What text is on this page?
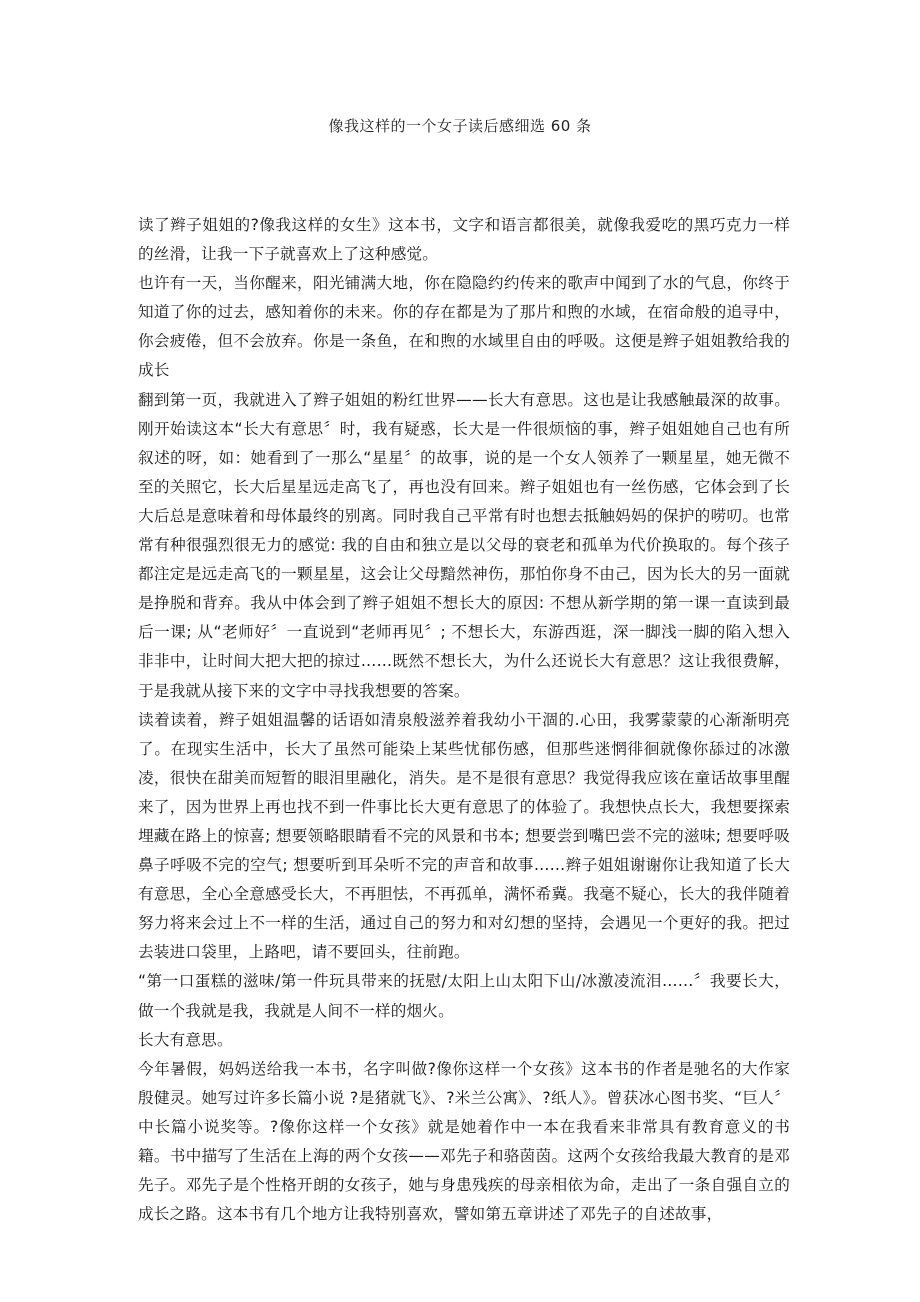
像我这样的一个女子读后感细选 60 条

读了辫子姐姐的?像我这样的女生》这本书，文字和语言都很美，就像我爱吃的黑巧克力一样的丝滑，让我一下子就喜欢上了这种感觉。

也许有一天，当你醒来，阳光铺满大地，你在隐隐约约传来的歌声中闻到了水的气息，你终于知道了你的过去，感知着你的未来。你的存在都是为了那片和煦的水域，在宿命般的追寻中，你会疲倦，但不会放弃。你是一条鱼，在和煦的水域里自由的呼吸。这便是辫子姐姐教给我的成长

翻到第一页，我就进入了辫子姐姐的粉红世界——长大有意思。这也是让我感触最深的故事。刚开始读这本“长大有意思〞时，我有疑惑，长大是一件很烦恼的事，辫子姐姐她自己也有所叙述的呀，如：她看到了一那么“星星〞的故事，说的是一个女人领养了一颗星星，她无微不至的关照它，长大后星星远走高飞了，再也没有回来。辫子姐姐也有一丝伤感，它体会到了长大后总是意味着和母体最终的别离。同时我自己平常有时也想去抵触妈妈的保护的唠叨。也常常有种很强烈很无力的感觉: 我的自由和独立是以父母的衰老和孤单为代价换取的。每个孩子都注定是远走高飞的一颗星星，这会让父母黯然神伤，那怕你身不由己，因为长大的另一面就是挣脱和背弃。我从中体会到了辫子姐姐不想长大的原因: 不想从新学期的第一课一直读到最后一课; 从“老师好〞一直说到“老师再见〞; 不想长大，东游西逛，深一脚浅一脚的陷入想入非非中，让时间大把大把的掠过……既然不想长大，为什么还说长大有意思？这让我很费解，于是我就从接下来的文字中寻找我想要的答案。

读着读着，辫子姐姐温馨的话语如清泉般滋养着我幼小干涸的.心田，我雾蒙蒙的心渐渐明亮了。在现实生活中，长大了虽然可能染上某些忧郁伤感，但那些迷惘徘徊就像你舔过的冰激凌，很快在甜美而短暂的眼泪里融化，消失。是不是很有意思？我觉得我应该在童话故事里醒来了，因为世界上再也找不到一件事比长大更有意思了的体验了。我想快点长大，我想要探索埋藏在路上的惊喜; 想要领略眼睛看不完的风景和书本; 想要尝到嘴巴尝不完的滋味; 想要呼吸鼻子呼吸不完的空气; 想要听到耳朵听不完的声音和故事……辫子姐姐谢谢你让我知道了长大有意思，全心全意感受长大，不再胆怯，不再孤单，满怀希冀。我毫不疑心，长大的我伴随着努力将来会过上不一样的生活，通过自己的努力和对幻想的坚持，会遇见一个更好的我。把过去装进口袋里，上路吧，请不要回头，往前跑。

“第一口蛋糕的滋味/第一件玩具带来的抚慰/太阳上山太阳下山/冰激凌流泪……〞我要长大，做一个我就是我，我就是人间不一样的烟火。

长大有意思。

今年暑假，妈妈送给我一本书，名字叫做?像你这样一个女孩》这本书的作者是驰名的大作家殷健灵。她写过许多长篇小说 ?是猪就飞》、?米兰公寓》、?纸人》。曾获冰心图书奖、“巨人〞中长篇小说奖等。?像你这样一个女孩》就是她着作中一本在我看来非常具有教育意义的书籍。书中描写了生活在上海的两个女孩——邓先子和骆茵茵。这两个女孩给我最大教育的是邓先子。邓先子是个性格开朗的女孩子，她与身患残疾的母亲相依为命，走出了一条自强自立的成长之路。这本书有几个地方让我特别喜欢，譬如第五章讲述了邓先子的自述故事，
